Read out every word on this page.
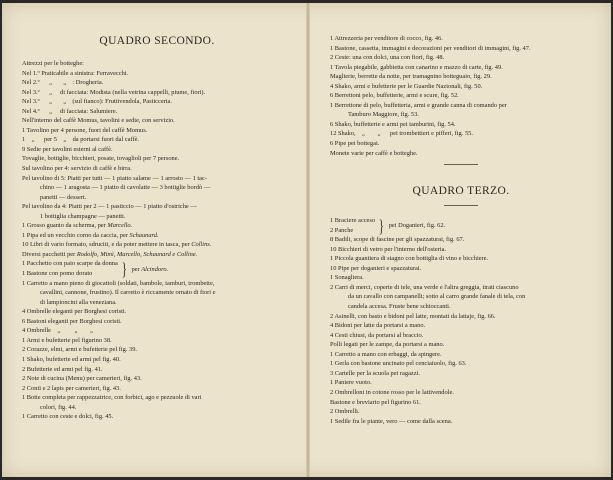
QUADRO SECONDO.
Attrezzi per le botteghe:
Nel 1.º Praticabile a sinistra: Ferravecchi.
Nel 2.º      „       „    : Drogheria.
Nel 3.º      „     di facciata: Modista (nella vetrina cappelli, piume, fiori).
Nel 3.º      „       „    (sul fianco): Fruttivendola, Pasticceria.
Nel 4.º      „     di facciata: Salumiere.
Nell'interno del caffè Momus, tavolini e sedie, con servizio.
1 Tavolino per 4 persone, fuori del caffè Momus.
1    „      per 5    „    da portarsi fuori dal caffè.
9 Sedie per tavolini esterni al caffè.
Tovaglie, bottiglie, bicchieri, posate, tovaglioli per 7 persone.
Sul tavolino per 4: servizio di caffè e birra.
Pel tavolino di 5: Piatti per tutti — 1 piatto salame — 1 arrosto — 1 tac-
chino — 1 aragosta — 1 piatto di cavolatte — 3 bottiglie bordò —
panetti — dessert.
Pel tavolino da 4: Piatti per 2 — 1 pasticcio — 1 piatto d'ostriche —
1 bottiglia champagne — panetti.
1 Grosso guanto da scherma, per Marcello.
1 Pipa ed un vecchio corno da caccia, per Schaunard.
10 Libri di vario formato, sdruciti, e da poter mettere in tasca, per Collins.
Diversi pacchetti per Rodolfo, Mimì, Marcello, Schaunard e Colline.
1 Pacchetto con paio scarpe da donna
1 Bastone con pomo dorato	} per Alcindoro.
1 Carretto a mano pieno di giocattoli (soldati, bambole, tamburi, trombette,
cavallini, cannone, frustino). Il carretto è riccamente ornato di fiori e
di lampioncini alla veneziana.
4 Ombrelle eleganti per Borghesi coristi.
6 Bastoni eleganti per Borghesi coristi.
4 Ombrelle    „         „        „
1 Armi e bufetterie pel figurino 38.
2 Corazze, elmi, armi e bufetterie pel fig. 39.
1 Shako, bufetterie ed armi pel fig. 40.
2 Bufetterie ed armi pel fig. 41.
2 Note di cucina (Menu) per camerieri, fig. 43.
2 Conti e 2 lapis per camerieri, fig. 43.
1 Botte completa per rappezzatrice, con forbici, ago e pezzuole di vari
colori, fig. 44.
1 Carretto con ceste e dolci, fig. 45.
1 Attrezzeria per venditore di cocco, fig. 46.
1 Bastone, cassetta, immagini e decorazioni per venditori di immagini, fig. 47.
2 Ceste: una con dolci, una con fiori, fig. 48.
1 Tavola piegabile, gabbietta con canarino e mazzo di carte, fig. 49.
Maglierie, berrette da notte, per tramagnino botteguaio, fig. 29.
4 Shako, armi e bufetterie per le Guardie Nazionali, fig. 50.
6 Berrettoni pelo, buffetterie, armi e scure, fig. 52.
1 Berrettone di pelo, buffetteria, armi e grande canna di comando per
Tamburo Maggiore, fig. 53.
6 Shako, buffetterie e armi pei tamburini, fig. 54.
12 Shako,    „        „      pei trombettieri e pifferi, fig. 55.
6 Pipe pei bottegai.
Monete varie per caffè e botteghe.
QUADRO TERZO.
1 Braciere acceso
2 Panche	} pei Doganieri, fig. 62.
8 Badili, scope di fascine per gli spazzaturai, fig. 67.
10 Bicchieri di vetro per l'interno dell'osteria.
1 Piccola guantiera di stagno con bottiglia di vino e bicchiere.
10 Pipe per doganieri e spazzaturai.
1 Sonagliera.
2 Carri di merci, coperte di tele, una verde e l'altra greggia, tirati ciascuno
da un cavallo con campanelli; sotto al carro grande fanale di tela, con
candela accesa. Fruste bene schioccanti.
2 Asinelli, con basto e bidoni pel latte, montati da lattaje, fig. 66.
4 Bidoni per latte da portarsi a mano.
4 Cesti chiusi, da portarsi al braccio.
Polli legati per le zampe, da portarsi a mano.
1 Carretto a mano con erbaggi, da spingere.
1 Gerla con bastone uncinato pel cenciaiuolo, fig. 63.
3 Cartelle per la scuola pei ragazzi.
1 Paniere vuoto.
2 Ombrelloni in cotone rosso per le lattivendole.
Bastone e breviario pel figurino 61.
2 Ombrelli.
1 Sedile fra le piante, vero — come dalla scena.
